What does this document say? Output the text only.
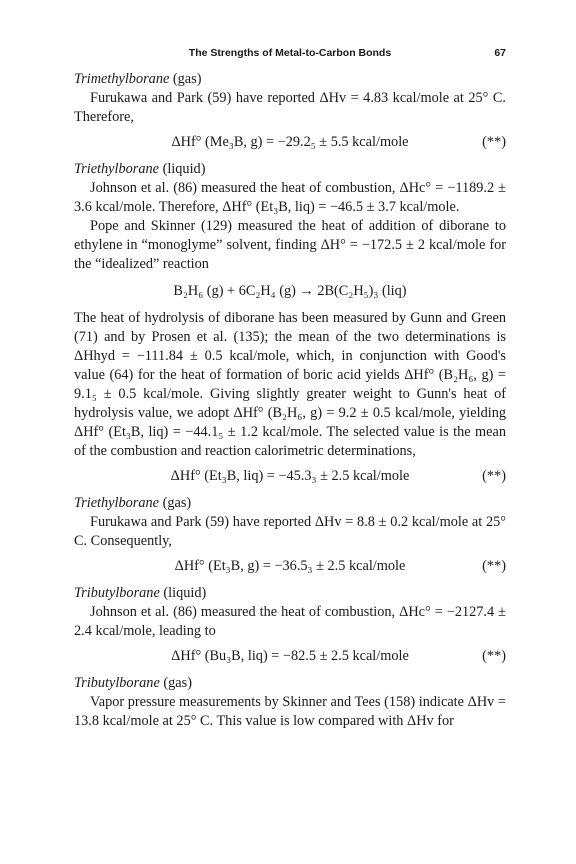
The Strengths of Metal-to-Carbon Bonds	67
Trimethylborane (gas)

Furukawa and Park (59) have reported ΔHv = 4.83 kcal/mole at 25° C. Therefore,

ΔHf° (Me₃B, g) = −29.2₅ ± 5.5 kcal/mole	(**)
Triethylborane (liquid)

Johnson et al. (86) measured the heat of combustion, ΔHc° = −1189.2 ± 3.6 kcal/mole. Therefore, ΔHf° (Et₃B, liq) = −46.5 ± 3.7 kcal/mole.

Pope and Skinner (129) measured the heat of addition of diborane to ethylene in “monoglyme” solvent, finding ΔH° = −172.5 ± 2 kcal/mole for the “idealized” reaction

B₂H₆ (g) + 6C₂H₄ (g) → 2B(C₂H₅)₃ (liq)

The heat of hydrolysis of diborane has been measured by Gunn and Green (71) and by Prosen et al. (135); the mean of the two determinations is ΔHhyd = −111.84 ± 0.5 kcal/mole, which, in conjunction with Good's value (64) for the heat of formation of boric acid yields ΔHf° (B₂H₆, g) = 9.1₅ ± 0.5 kcal/mole. Giving slightly greater weight to Gunn's heat of hydrolysis value, we adopt ΔHf° (B₂H₆, g) = 9.2 ± 0.5 kcal/mole, yielding ΔHf° (Et₃B, liq) = −44.1₅ ± 1.2 kcal/mole. The selected value is the mean of the combustion and reaction calorimetric determinations,

ΔHf° (Et₃B, liq) = −45.3₃ ± 2.5 kcal/mole	(**)
Triethylborane (gas)

Furukawa and Park (59) have reported ΔHv = 8.8 ± 0.2 kcal/mole at 25° C. Consequently,

ΔHf° (Et₃B, g) = −36.5₃ ± 2.5 kcal/mole	(**)
Tributylborane (liquid)

Johnson et al. (86) measured the heat of combustion, ΔHc° = −2127.4 ± 2.4 kcal/mole, leading to

ΔHf° (Bu₃B, liq) = −82.5 ± 2.5 kcal/mole	(**)
Tributylborane (gas)

Vapor pressure measurements by Skinner and Tees (158) indicate ΔHv = 13.8 kcal/mole at 25° C. This value is low compared with ΔHv for
